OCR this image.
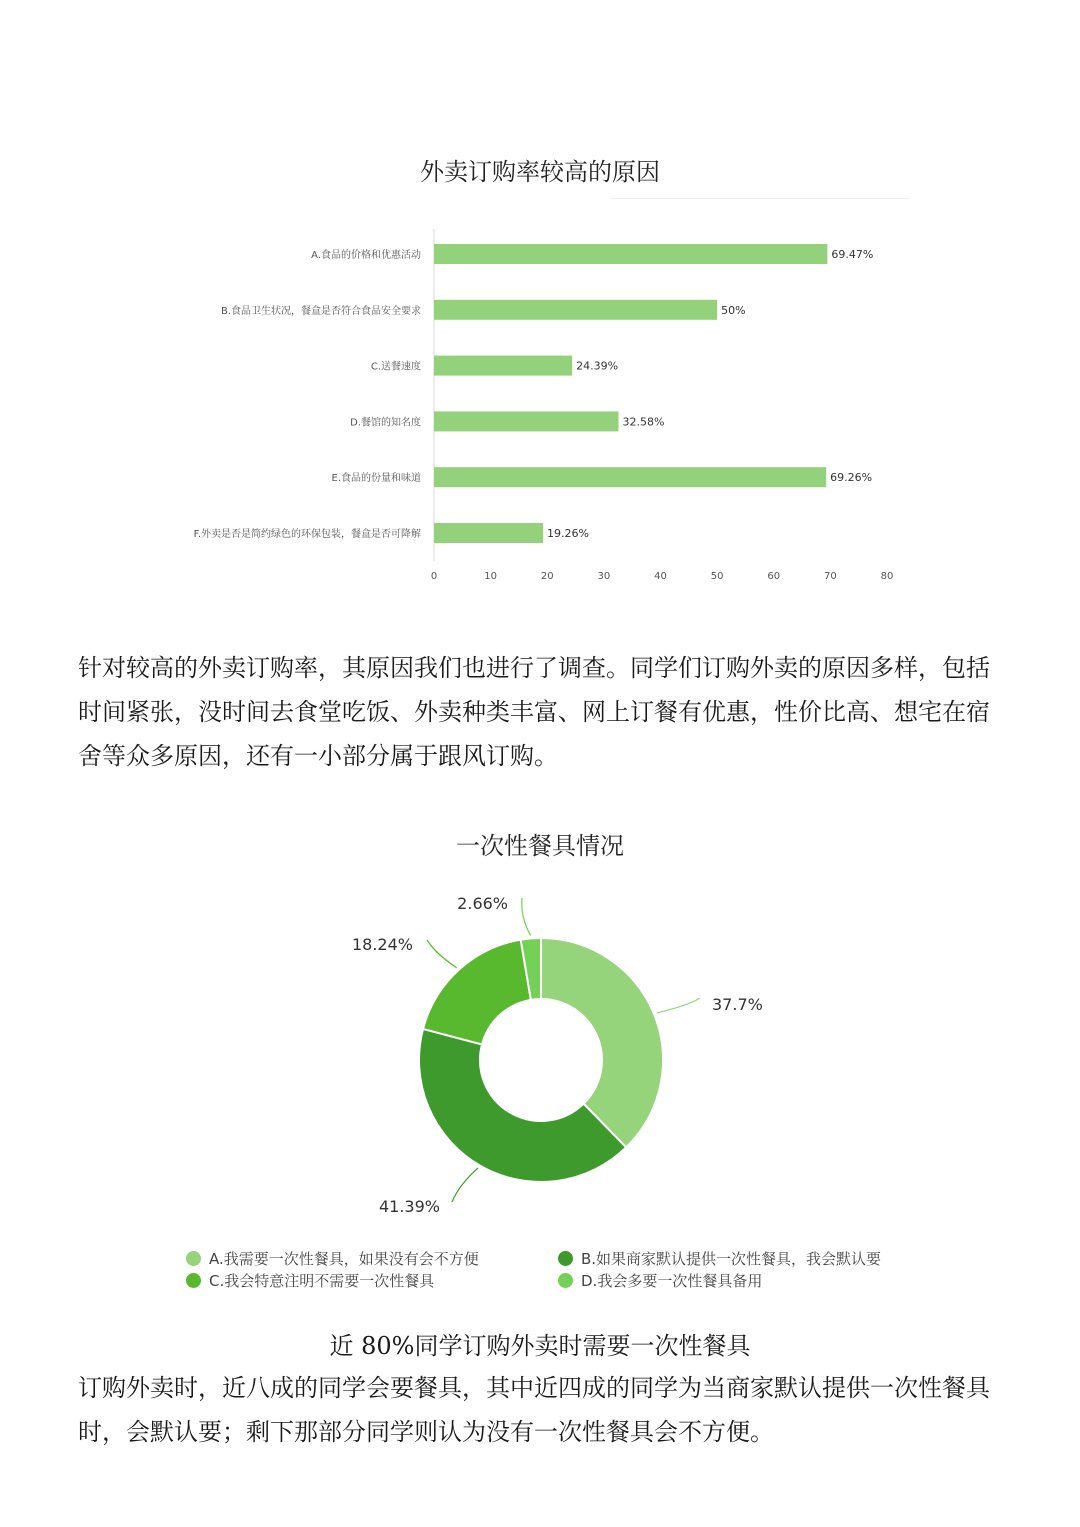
外卖订购率较高的原因
A.食品的价格和优惠活动	69.47%
B.食品卫生状况，餐盒是否符合食品安全要求	50%
C.送餐速度	24.39%
D.餐馆的知名度	32.58%
E.食品的份量和味道	69.26%
F.外卖是否是简约绿色的环保包装，餐盒是否可降解	19.26%
0	10	20	30	40	50	60	70	80

针对较高的外卖订购率，其原因我们也进行了调查。同学们订购外卖的原因多样，包括时间紧张，没时间去食堂吃饭、外卖种类丰富、网上订餐有优惠，性价比高、想宅在宿舍等众多原因，还有一小部分属于跟风订购。

一次性餐具情况
37.7%
41.39%
18.24%
2.66%
A.我需要一次性餐具，如果没有会不方便	B.如果商家默认提供一次性餐具，我会默认要
C.我会特意注明不需要一次性餐具	D.我会多要一次性餐具备用
近 80%同学订购外卖时需要一次性餐具

订购外卖时，近八成的同学会要餐具，其中近四成的同学为当商家默认提供一次性餐具时，会默认要；剩下那部分同学则认为没有一次性餐具会不方便。
